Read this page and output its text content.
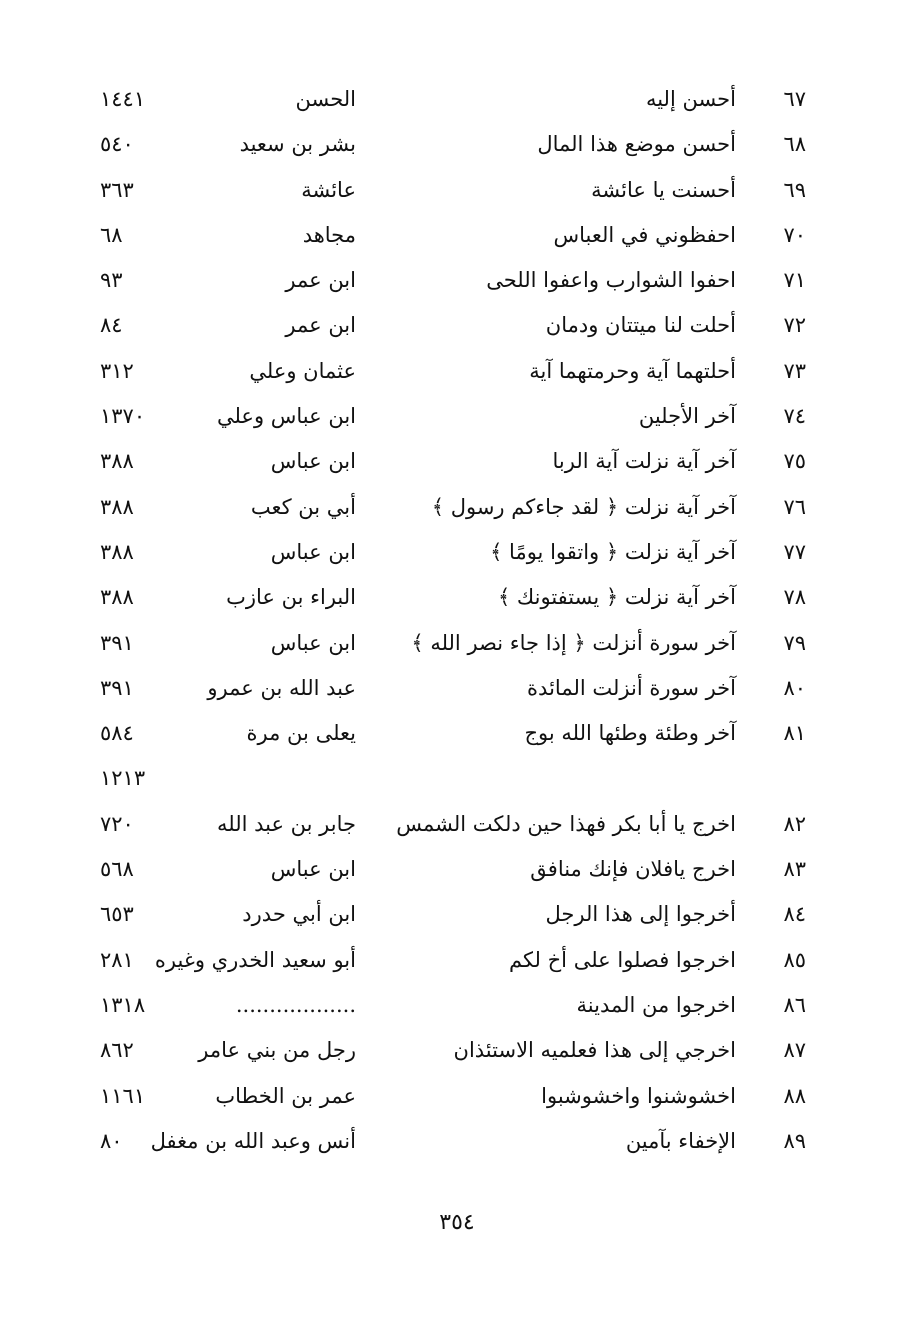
٦٧
أحسن إليه
الحسن
١٤٤١
٦٨
أحسن موضع هذا المال
بشر بن سعيد
٥٤٠
٦٩
أحسنت يا عائشة
عائشة
٣٦٣
٧٠
احفظوني في العباس
مجاهد
٦٨
٧١
احفوا الشوارب واعفوا اللحى
ابن عمر
٩٣
٧٢
أحلت لنا ميتتان ودمان
ابن عمر
٨٤
٧٣
أحلتهما آية وحرمتهما آية
عثمان وعلي
٣١٢
٧٤
آخر الأجلين
ابن عباس وعلي
١٣٧٠
٧٥
آخر آية نزلت آية الربا
ابن عباس
٣٨٨
٧٦
آخر آية نزلت ﴿ لقد جاءكم رسول ﴾
أبي بن كعب
٣٨٨
٧٧
آخر آية نزلت ﴿ واتقوا يومًا ﴾
ابن عباس
٣٨٨
٧٨
آخر آية نزلت ﴿ يستفتونك ﴾
البراء بن عازب
٣٨٨
٧٩
آخر سورة أنزلت ﴿ إذا جاء نصر الله ﴾
ابن عباس
٣٩١
٨٠
آخر سورة أنزلت المائدة
عبد الله بن عمرو
٣٩١
٨١
آخر وطئة وطئها الله بوج
يعلى بن مرة
٥٨٤
١٢١٣
٨٢
اخرج يا أبا بكر فهذا حين دلكت الشمس
جابر بن عبد الله
٧٢٠
٨٣
اخرج يافلان فإنك منافق
ابن عباس
٥٦٨
٨٤
أخرجوا إلى هذا الرجل
ابن أبي حدرد
٦٥٣
٨٥
اخرجوا فصلوا على أخ لكم
أبو سعيد الخدري وغيره
٢٨١
٨٦
اخرجوا من المدينة
..................
١٣١٨
٨٧
اخرجي إلى هذا فعلميه الاستئذان
رجل من بني عامر
٨٦٢
٨٨
اخشوشنوا واخشوشبوا
عمر بن الخطاب
١١٦١
٨٩
الإخفاء بآمين
أنس وعبد الله بن مغفل
٨٠
٣٥٤
